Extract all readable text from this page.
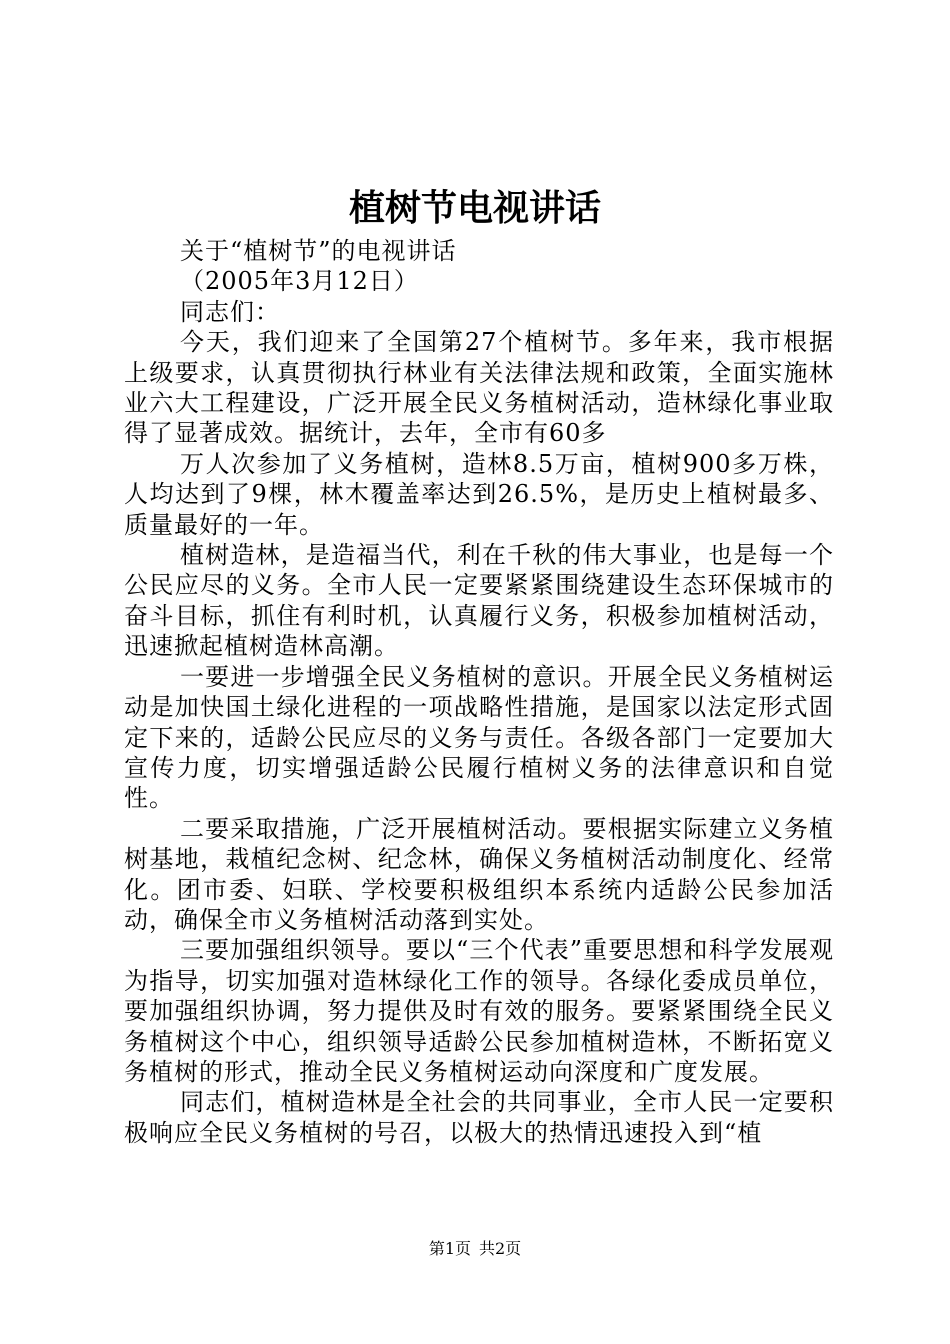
植树节电视讲话

关于“植树节”的电视讲话

（2005年3月12日）

同志们：

今天，我们迎来了全国第27个植树节。多年来，我市根据上级要求，认真贯彻执行林业有关法律法规和政策，全面实施林业六大工程建设，广泛开展全民义务植树活动，造林绿化事业取得了显著成效。据统计，去年，全市有60多

万人次参加了义务植树，造林8.5万亩，植树900多万株，人均达到了9棵，林木覆盖率达到26.5%，是历史上植树最多、质量最好的一年。

植树造林，是造福当代，利在千秋的伟大事业，也是每一个公民应尽的义务。全市人民一定要紧紧围绕建设生态环保城市的奋斗目标，抓住有利时机，认真履行义务，积极参加植树活动，迅速掀起植树造林高潮。

一要进一步增强全民义务植树的意识。开展全民义务植树运动是加快国土绿化进程的一项战略性措施，是国家以法定形式固定下来的，适龄公民应尽的义务与责任。各级各部门一定要加大宣传力度，切实增强适龄公民履行植树义务的法律意识和自觉性。

二要采取措施，广泛开展植树活动。要根据实际建立义务植树基地，栽植纪念树、纪念林，确保义务植树活动制度化、经常化。团市委、妇联、学校要积极组织本系统内适龄公民参加活动，确保全市义务植树活动落到实处。

三要加强组织领导。要以“三个代表”重要思想和科学发展观为指导，切实加强对造林绿化工作的领导。各绿化委成员单位，要加强组织协调，努力提供及时有效的服务。要紧紧围绕全民义务植树这个中心，组织领导适龄公民参加植树造林，不断拓宽义务植树的形式，推动全民义务植树运动向深度和广度发展。

同志们，植树造林是全社会的共同事业，全市人民一定要积极响应全民义务植树的号召，以极大的热情迅速投入到“植

第1页 共2页
